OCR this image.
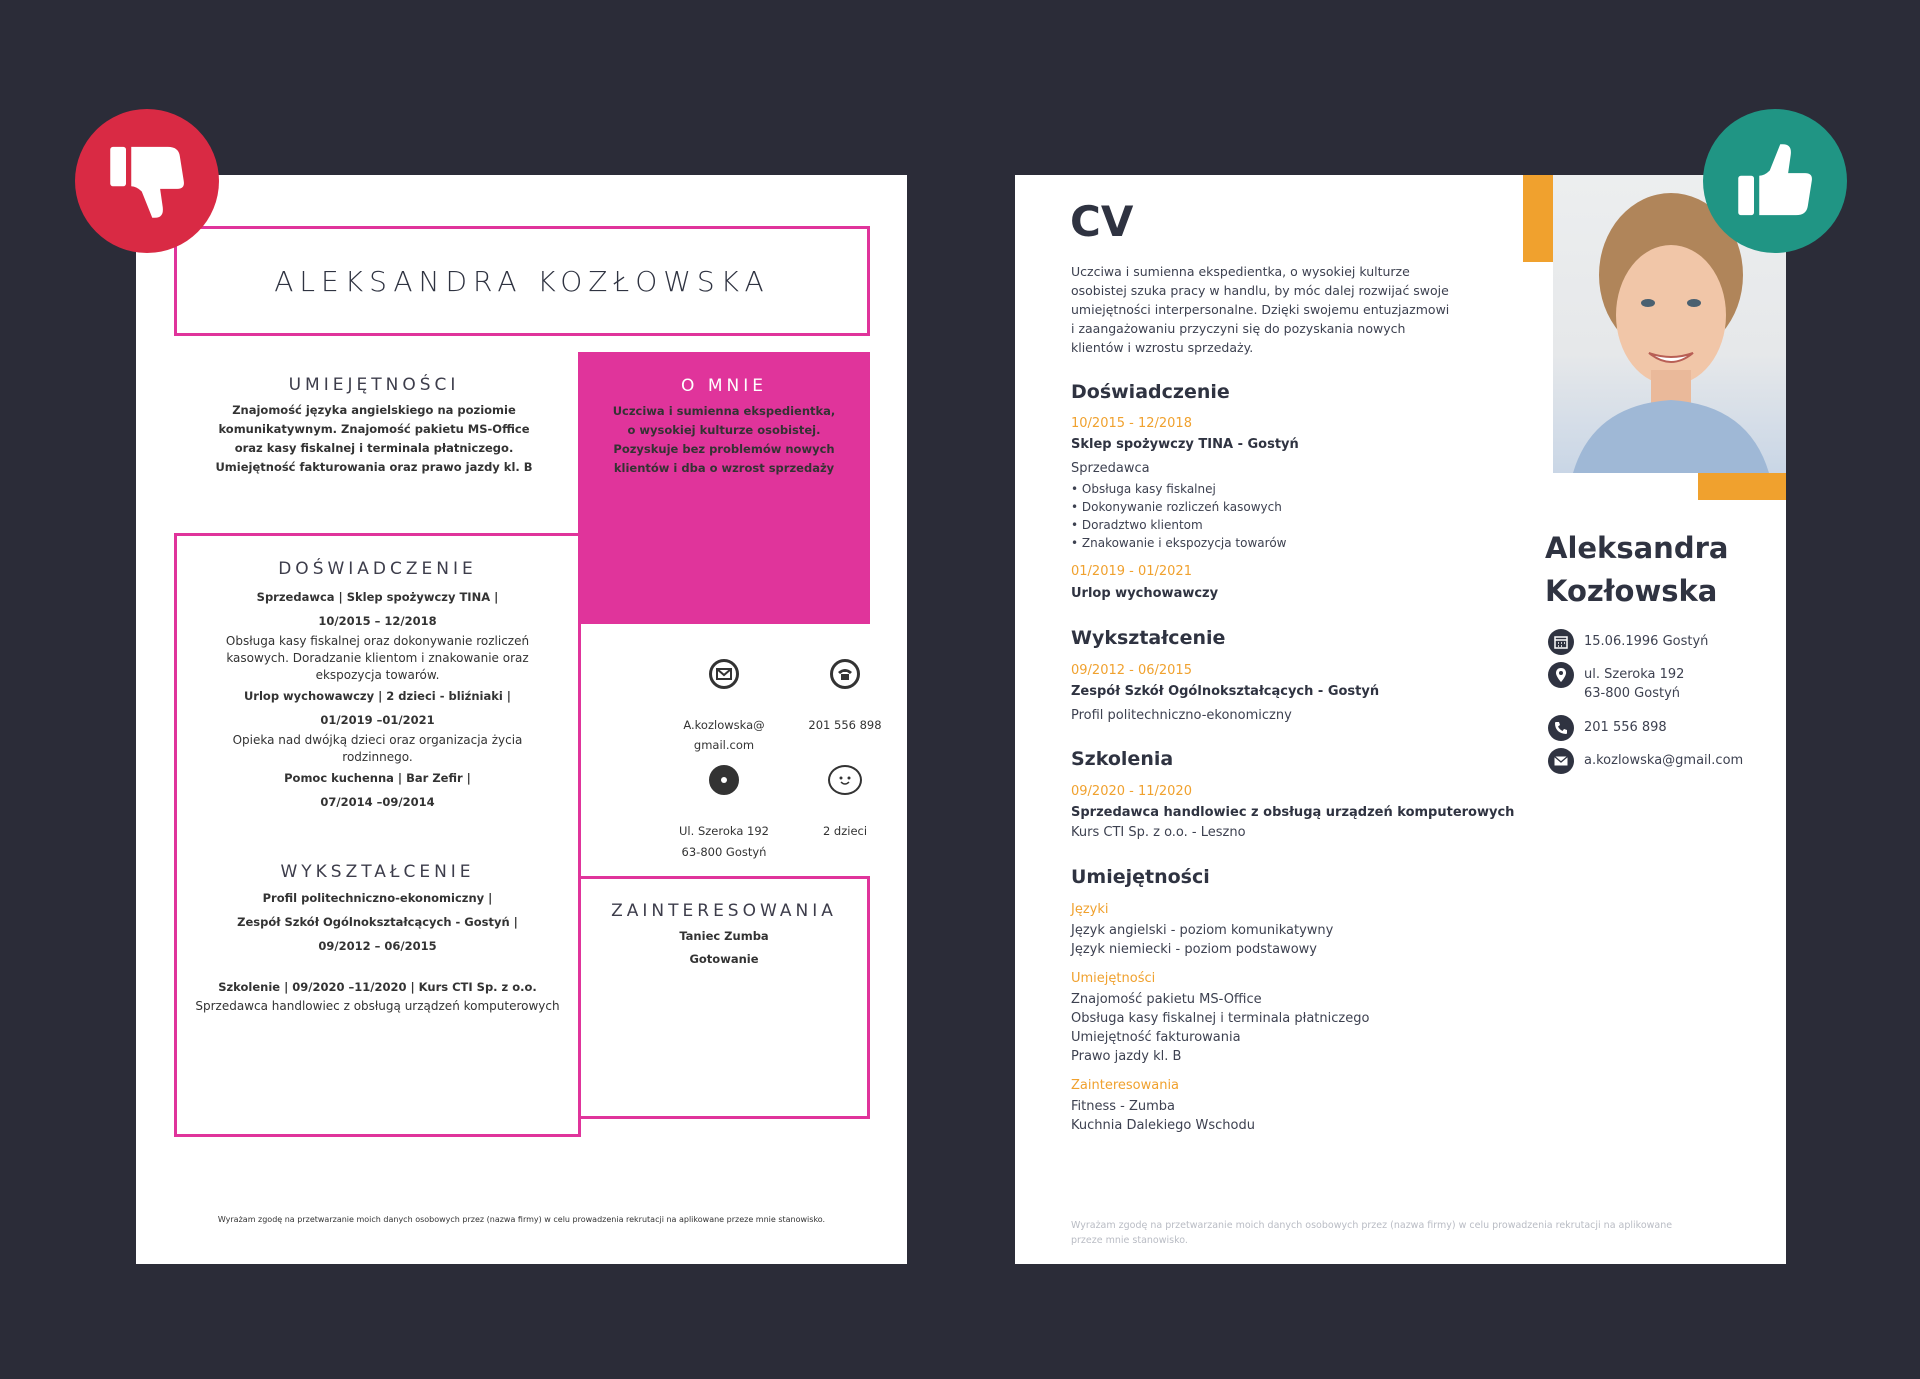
ALEKSANDRA KOZŁOWSKA
UMIEJĘTNOŚCI
Znajomość języka angielskiego na poziomie
komunikatywnym. Znajomość pakietu MS-Office
oraz kasy fiskalnej i terminala płatniczego.
Umiejętność fakturowania oraz prawo jazdy kl. B
O MNIE
Uczciwa i sumienna ekspedientka,
o wysokiej kulturze osobistej.
Pozyskuje bez problemów nowych
klientów i dba o wzrost sprzedaży
DOŚWIADCZENIE
Sprzedawca | Sklep spożywczy TINA |
10/2015 – 12/2018
Obsługa kasy fiskalnej oraz dokonywanie rozliczeń
kasowych. Doradzanie klientom i znakowanie oraz
ekspozycja towarów.
Urlop wychowawczy | 2 dzieci - bliźniaki |
01/2019 –01/2021
Opieka nad dwójką dzieci oraz organizacja życia
rodzinnego.
Pomoc kuchenna | Bar Zefir |
07/2014 –09/2014
WYKSZTAŁCENIE
Profil politechniczno-ekonomiczny |
Zespół Szkół Ogólnokształcących - Gostyń |
09/2012 – 06/2015
Szkolenie | 09/2020 –11/2020 | Kurs CTI Sp. z o.o.
Sprzedawca handlowiec z obsługą urządzeń komputerowych

A.kozlowska@
gmail.com

201 556 898

Ul. Szeroka 192
63-800 Gostyń

2 dzieci

ZAINTERESOWANIA
Taniec Zumba
Gotowanie
Wyrażam zgodę na przetwarzanie moich danych osobowych przez (nazwa firmy) w celu prowadzenia rekrutacji na aplikowane przeze mnie stanowisko.
CV
Uczciwa i sumienna ekspedientka, o wysokiej kulturze
osobistej szuka pracy w handlu, by móc dalej rozwijać swoje
umiejętności interpersonalne. Dzięki swojemu entuzjazmowi
i zaangażowaniu przyczyni się do pozyskania nowych
klientów i wzrostu sprzedaży.
Aleksandra
Kozłowska
15.06.1996 Gostyń
ul. Szeroka 192
63-800 Gostyń
201 556 898
a.kozlowska@gmail.com
Doświadczenie
10/2015 - 12/2018
Sklep spożywczy TINA - Gostyń
Sprzedawca
• Obsługa kasy fiskalnej
• Dokonywanie rozliczeń kasowych
• Doradztwo klientom
• Znakowanie i ekspozycja towarów
01/2019 - 01/2021
Urlop wychowawczy
Wykształcenie
09/2012 - 06/2015
Zespół Szkół Ogólnokształcących - Gostyń
Profil politechniczno-ekonomiczny
Szkolenia
09/2020 - 11/2020
Sprzedawca handlowiec z obsługą urządzeń komputerowych
Kurs CTI Sp. z o.o. - Leszno
Umiejętności
Języki
Język angielski - poziom komunikatywny
Język niemiecki - poziom podstawowy
Umiejętności
Znajomość pakietu MS-Office
Obsługa kasy fiskalnej i terminala płatniczego
Umiejętność fakturowania
Prawo jazdy kl. B
Zainteresowania
Fitness - Zumba
Kuchnia Dalekiego Wschodu
Wyrażam zgodę na przetwarzanie moich danych osobowych przez (nazwa firmy) w celu prowadzenia rekrutacji na aplikowane
przeze mnie stanowisko.
